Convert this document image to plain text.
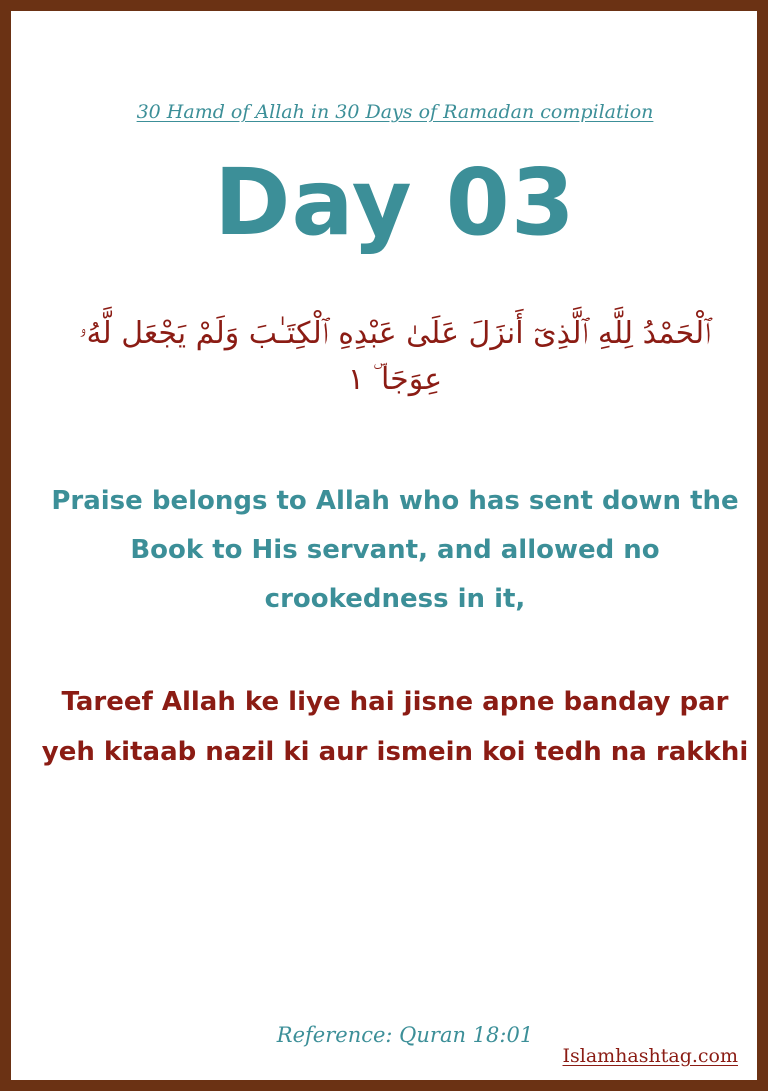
30 Hamd of Allah in 30 Days of Ramadan compilation
Day 03
ٱلْحَمْدُ لِلَّهِ ٱلَّذِىٓ أَنزَلَ عَلَىٰ عَبْدِهِ ٱلْكِتَـٰبَ وَلَمْ يَجْعَل لَّهُۥ عِوَجَا ۜ ١
Praise belongs to Allah who has sent down the Book to His servant, and allowed no crookedness in it,
Tareef Allah ke liye hai jisne apne banday par yeh kitaab nazil ki aur ismein koi tedh na rakkhi
Reference: Quran 18:01
Islamhashtag.com
